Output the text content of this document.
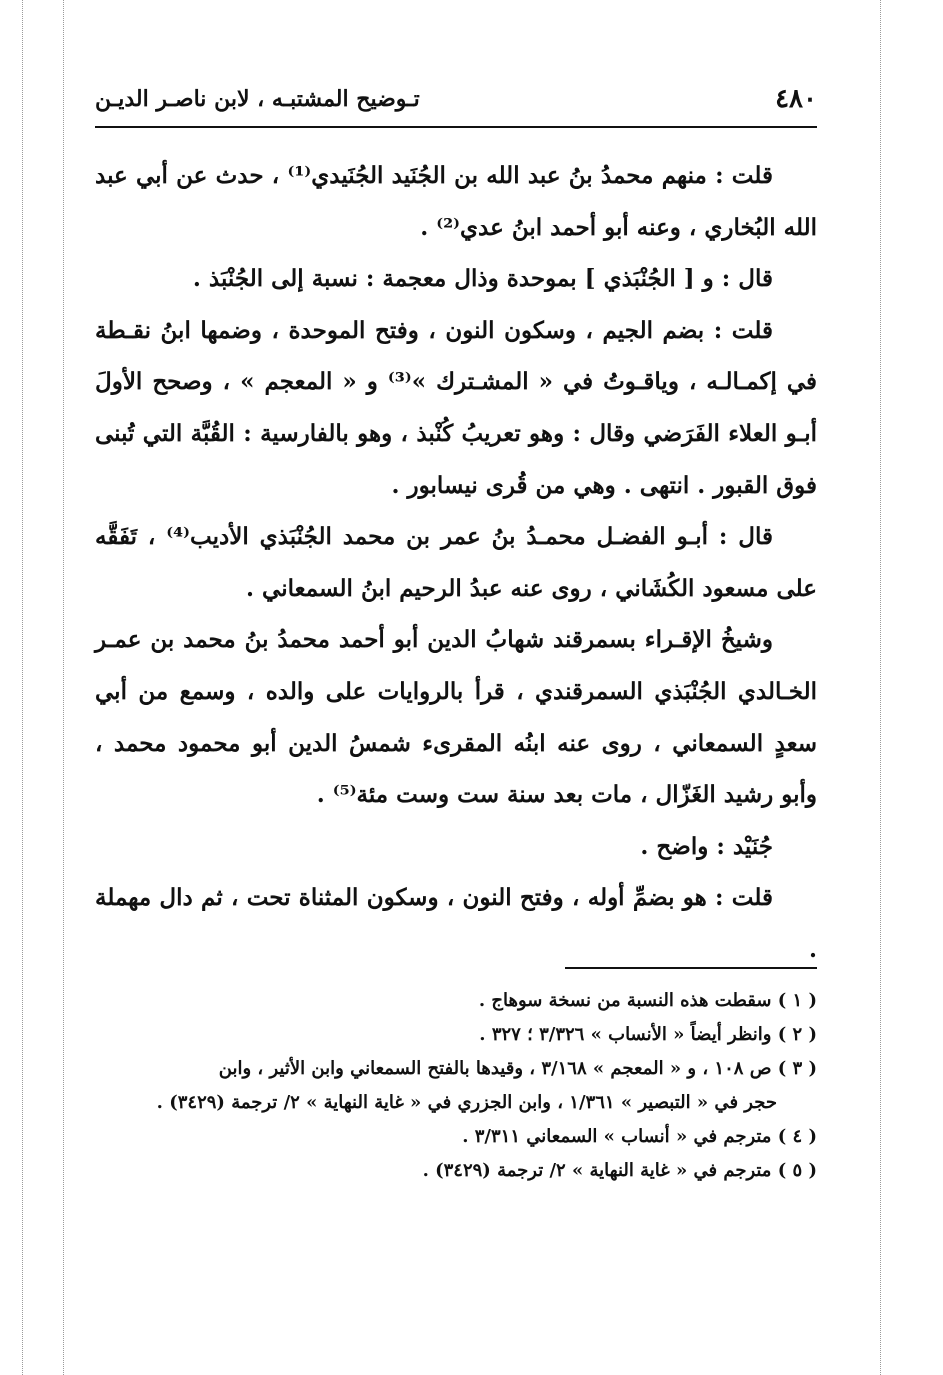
٤٨٠
تـوضيح المشتبـه ، لابن ناصـر الديـن

قلت : منهم محمدُ بنُ عبد الله بن الجُنَيد الجُنَيدي⁽¹⁾ ، حدث عن أبي عبد الله البُخاري ، وعنه أبو أحمد ابنُ عدي⁽²⁾ .

قال : و [ الجُنْبَذي ] بموحدة وذال معجمة : نسبة إلى الجُنْبَذ .

قلت : بضم الجيم ، وسكون النون ، وفتح الموحدة ، وضمها ابنُ نقـطة في إكمـالـه ، وياقـوتُ في « المشـترك »⁽³⁾ و « المعجم » ، وصحح الأولَ أبـو العلاء الفَرَضي وقال : وهو تعريبُ كُنْبذ ، وهو بالفارسية : القُبَّة التي تُبنى فوق القبور . انتهى . وهي من قُرى نيسابور .

قال : أبـو الفضـل محمـدُ بنُ عمر بن محمد الجُنْبَذي الأديب⁽⁴⁾ ، تَفَقَّه على مسعود الكُشَاني ، روى عنه عبدُ الرحيم ابنُ السمعاني .

وشيخُ الإقـراء بسمرقند شهابُ الدين أبو أحمد محمدُ بنُ محمد بن عمـر الخـالدي الجُنْبَذي السمرقندي ، قرأ بالروايات على والده ، وسمع من أبي سعدٍ السمعاني ، روى عنه ابنُه المقرىء شمسُ الدين أبو محمود محمد ، وأبو رشيد الغَزّال ، مات بعد سنة ست وست مئة⁽⁵⁾ .

جُنَيْد : واضح .

قلت : هو بضمِّ أوله ، وفتح النون ، وسكون المثناة تحت ، ثم دال مهملة .

( ١ ) سقطت هذه النسبة من نسخة سوهاج .

( ٢ ) وانظر أيضاً « الأنساب » ٣/٣٢٦ ؛ ٣٢٧ .

( ٣ ) ص ١٠٨ ، و « المعجم » ٣/١٦٨ ، وقيدها بالفتح السمعاني وابن الأثير ، وابن

حجر في « التبصير » ١/٣٦١ ، وابن الجزري في « غاية النهاية » ٢/ ترجمة (٣٤٢٩) .

( ٤ ) مترجم في « أنساب » السمعاني ٣/٣١١ .

( ٥ ) مترجم في « غاية النهاية » ٢/ ترجمة (٣٤٢٩) .
